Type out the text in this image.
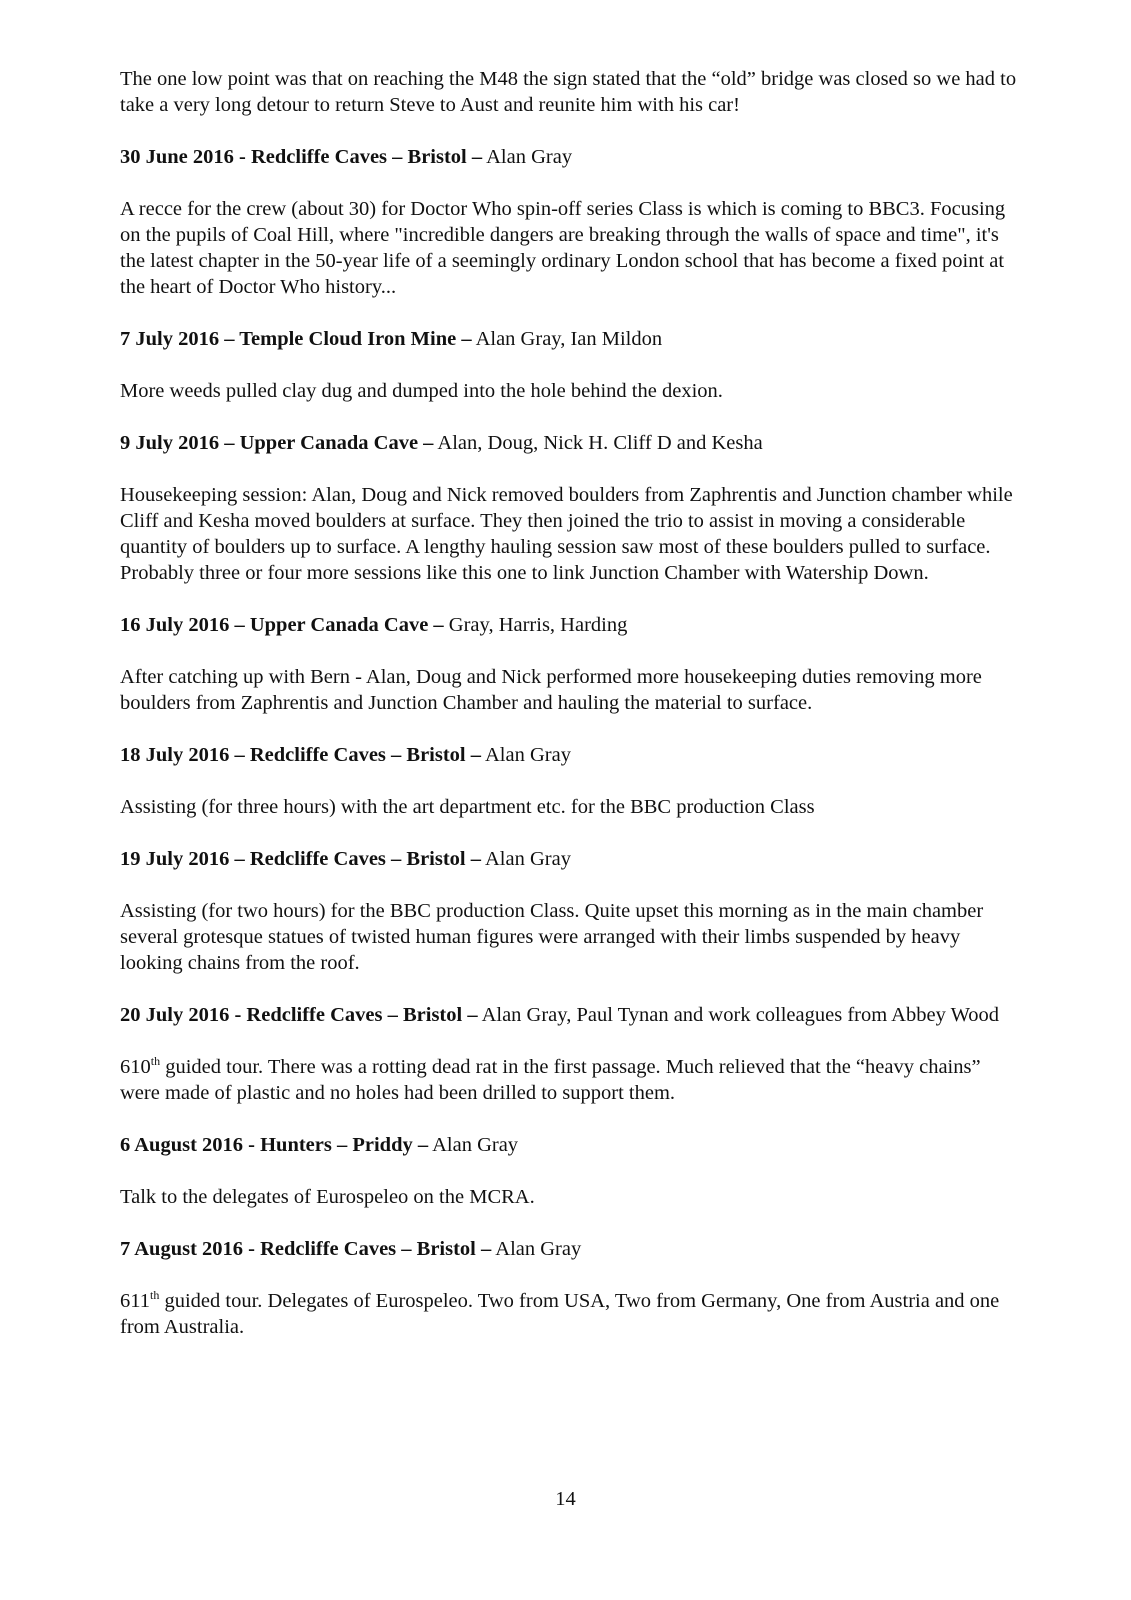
The one low point was that on reaching the M48 the sign stated that the “old” bridge was closed so we had to take a very long detour to return Steve to Aust and reunite him with his car!

30 June 2016 - Redcliffe Caves – Bristol – Alan Gray

A recce for the crew (about 30) for Doctor Who spin-off series Class is which is coming to BBC3. Focusing on the pupils of Coal Hill, where "incredible dangers are breaking through the walls of space and time", it's the latest chapter in the 50-year life of a seemingly ordinary London school that has become a fixed point at the heart of Doctor Who history...

7 July 2016 – Temple Cloud Iron Mine – Alan Gray, Ian Mildon

More weeds pulled clay dug and dumped into the hole behind the dexion.

9 July 2016 – Upper Canada Cave – Alan, Doug, Nick H. Cliff D and Kesha

Housekeeping session: Alan, Doug and Nick removed boulders from Zaphrentis and Junction chamber while Cliff and Kesha moved boulders at surface. They then joined the trio to assist in moving a considerable quantity of boulders up to surface. A lengthy hauling session saw most of these boulders pulled to surface. Probably three or four more sessions like this one to link Junction Chamber with Watership Down.

16 July 2016 – Upper Canada Cave – Gray, Harris, Harding

After catching up with Bern - Alan, Doug and Nick performed more housekeeping duties removing more boulders from Zaphrentis and Junction Chamber and hauling the material to surface.

18 July 2016 – Redcliffe Caves – Bristol – Alan Gray

Assisting (for three hours) with the art department etc. for the BBC production Class

19 July 2016 – Redcliffe Caves – Bristol – Alan Gray

Assisting (for two hours) for the BBC production Class. Quite upset this morning as in the main chamber several grotesque statues of twisted human figures were arranged with their limbs suspended by heavy looking chains from the roof.

20 July 2016 - Redcliffe Caves – Bristol – Alan Gray, Paul Tynan and work colleagues from Abbey Wood

610th guided tour. There was a rotting dead rat in the first passage. Much relieved that the “heavy chains” were made of plastic and no holes had been drilled to support them.

6 August 2016 - Hunters – Priddy – Alan Gray

Talk to the delegates of Eurospeleo on the MCRA.

7 August 2016 - Redcliffe Caves – Bristol – Alan Gray

611th guided tour. Delegates of Eurospeleo. Two from USA, Two from Germany, One from Austria and one from Australia.

14
